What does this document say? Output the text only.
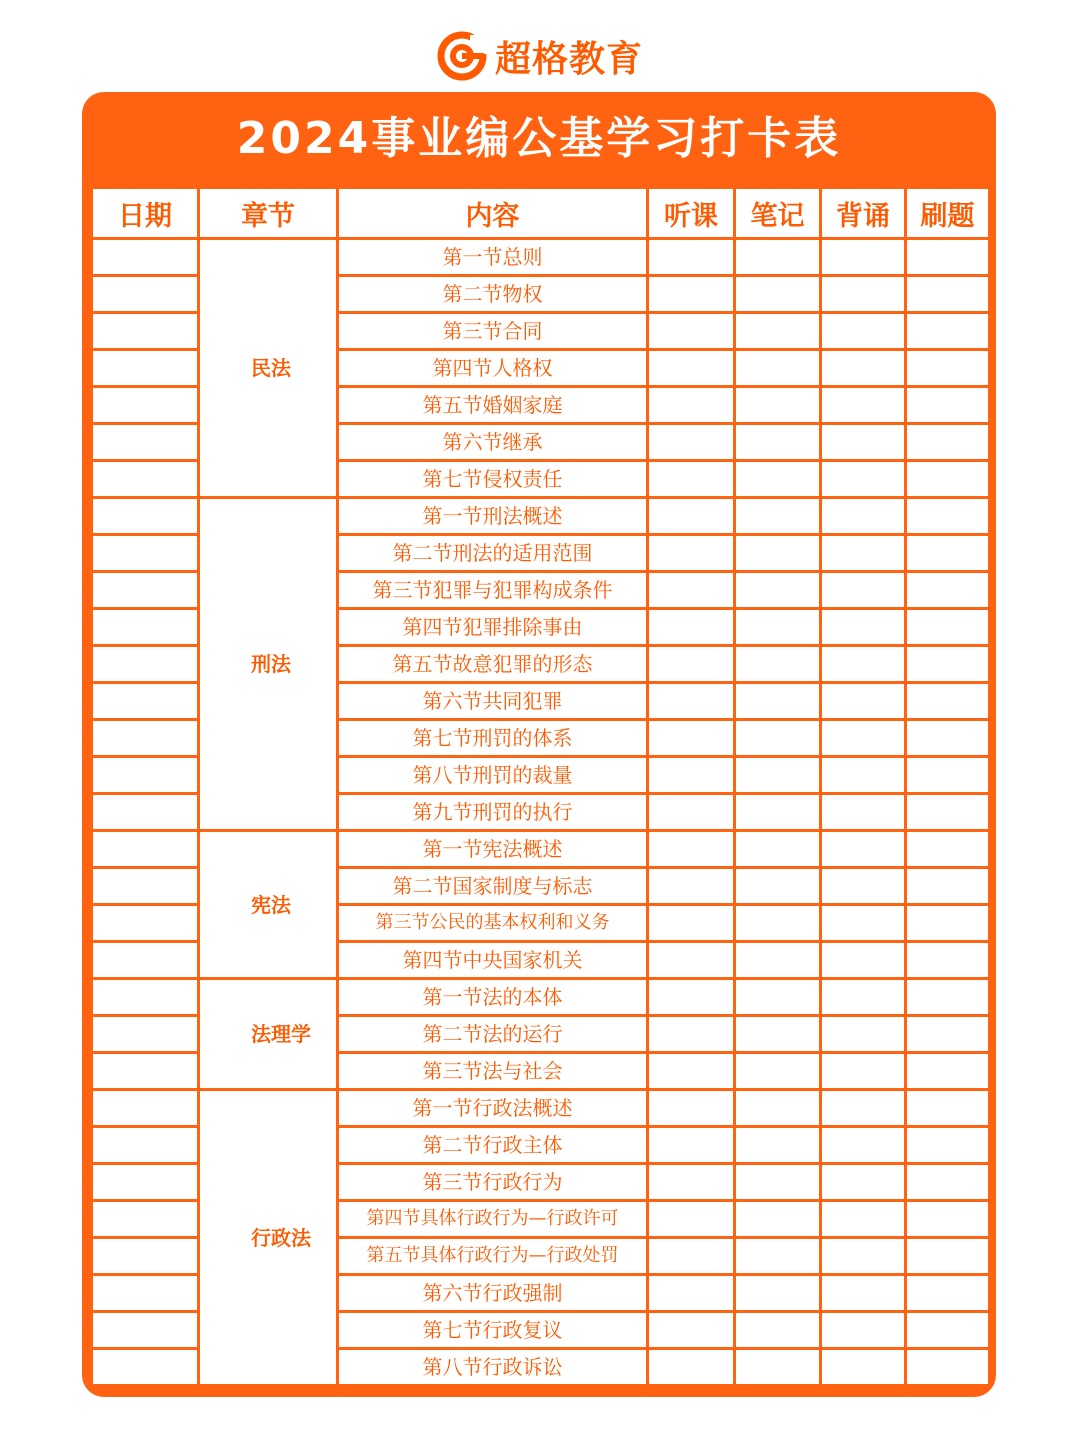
超格教育
2024事业编公基学习打卡表
日期	章节	内容	听课	笔记	背诵	刷题
	民法	第一节总则				
		第二节物权				
		第三节合同				
		第四节人格权				
		第五节婚姻家庭				
		第六节继承				
		第七节侵权责任				
	刑法	第一节刑法概述				
		第二节刑法的适用范围				
		第三节犯罪与犯罪构成条件				
		第四节犯罪排除事由				
		第五节故意犯罪的形态				
		第六节共同犯罪				
		第七节刑罚的体系				
		第八节刑罚的裁量				
		第九节刑罚的执行				
	宪法	第一节宪法概述				
		第二节国家制度与标志				
		第三节公民的基本权利和义务				
		第四节中央国家机关				
	法理学	第一节法的本体				
		第二节法的运行				
		第三节法与社会				
	行政法	第一节行政法概述				
		第二节行政主体				
		第三节行政行为				
		第四节具体行政行为—行政许可				
		第五节具体行政行为—行政处罚				
		第六节行政强制				
		第七节行政复议				
		第八节行政诉讼				
